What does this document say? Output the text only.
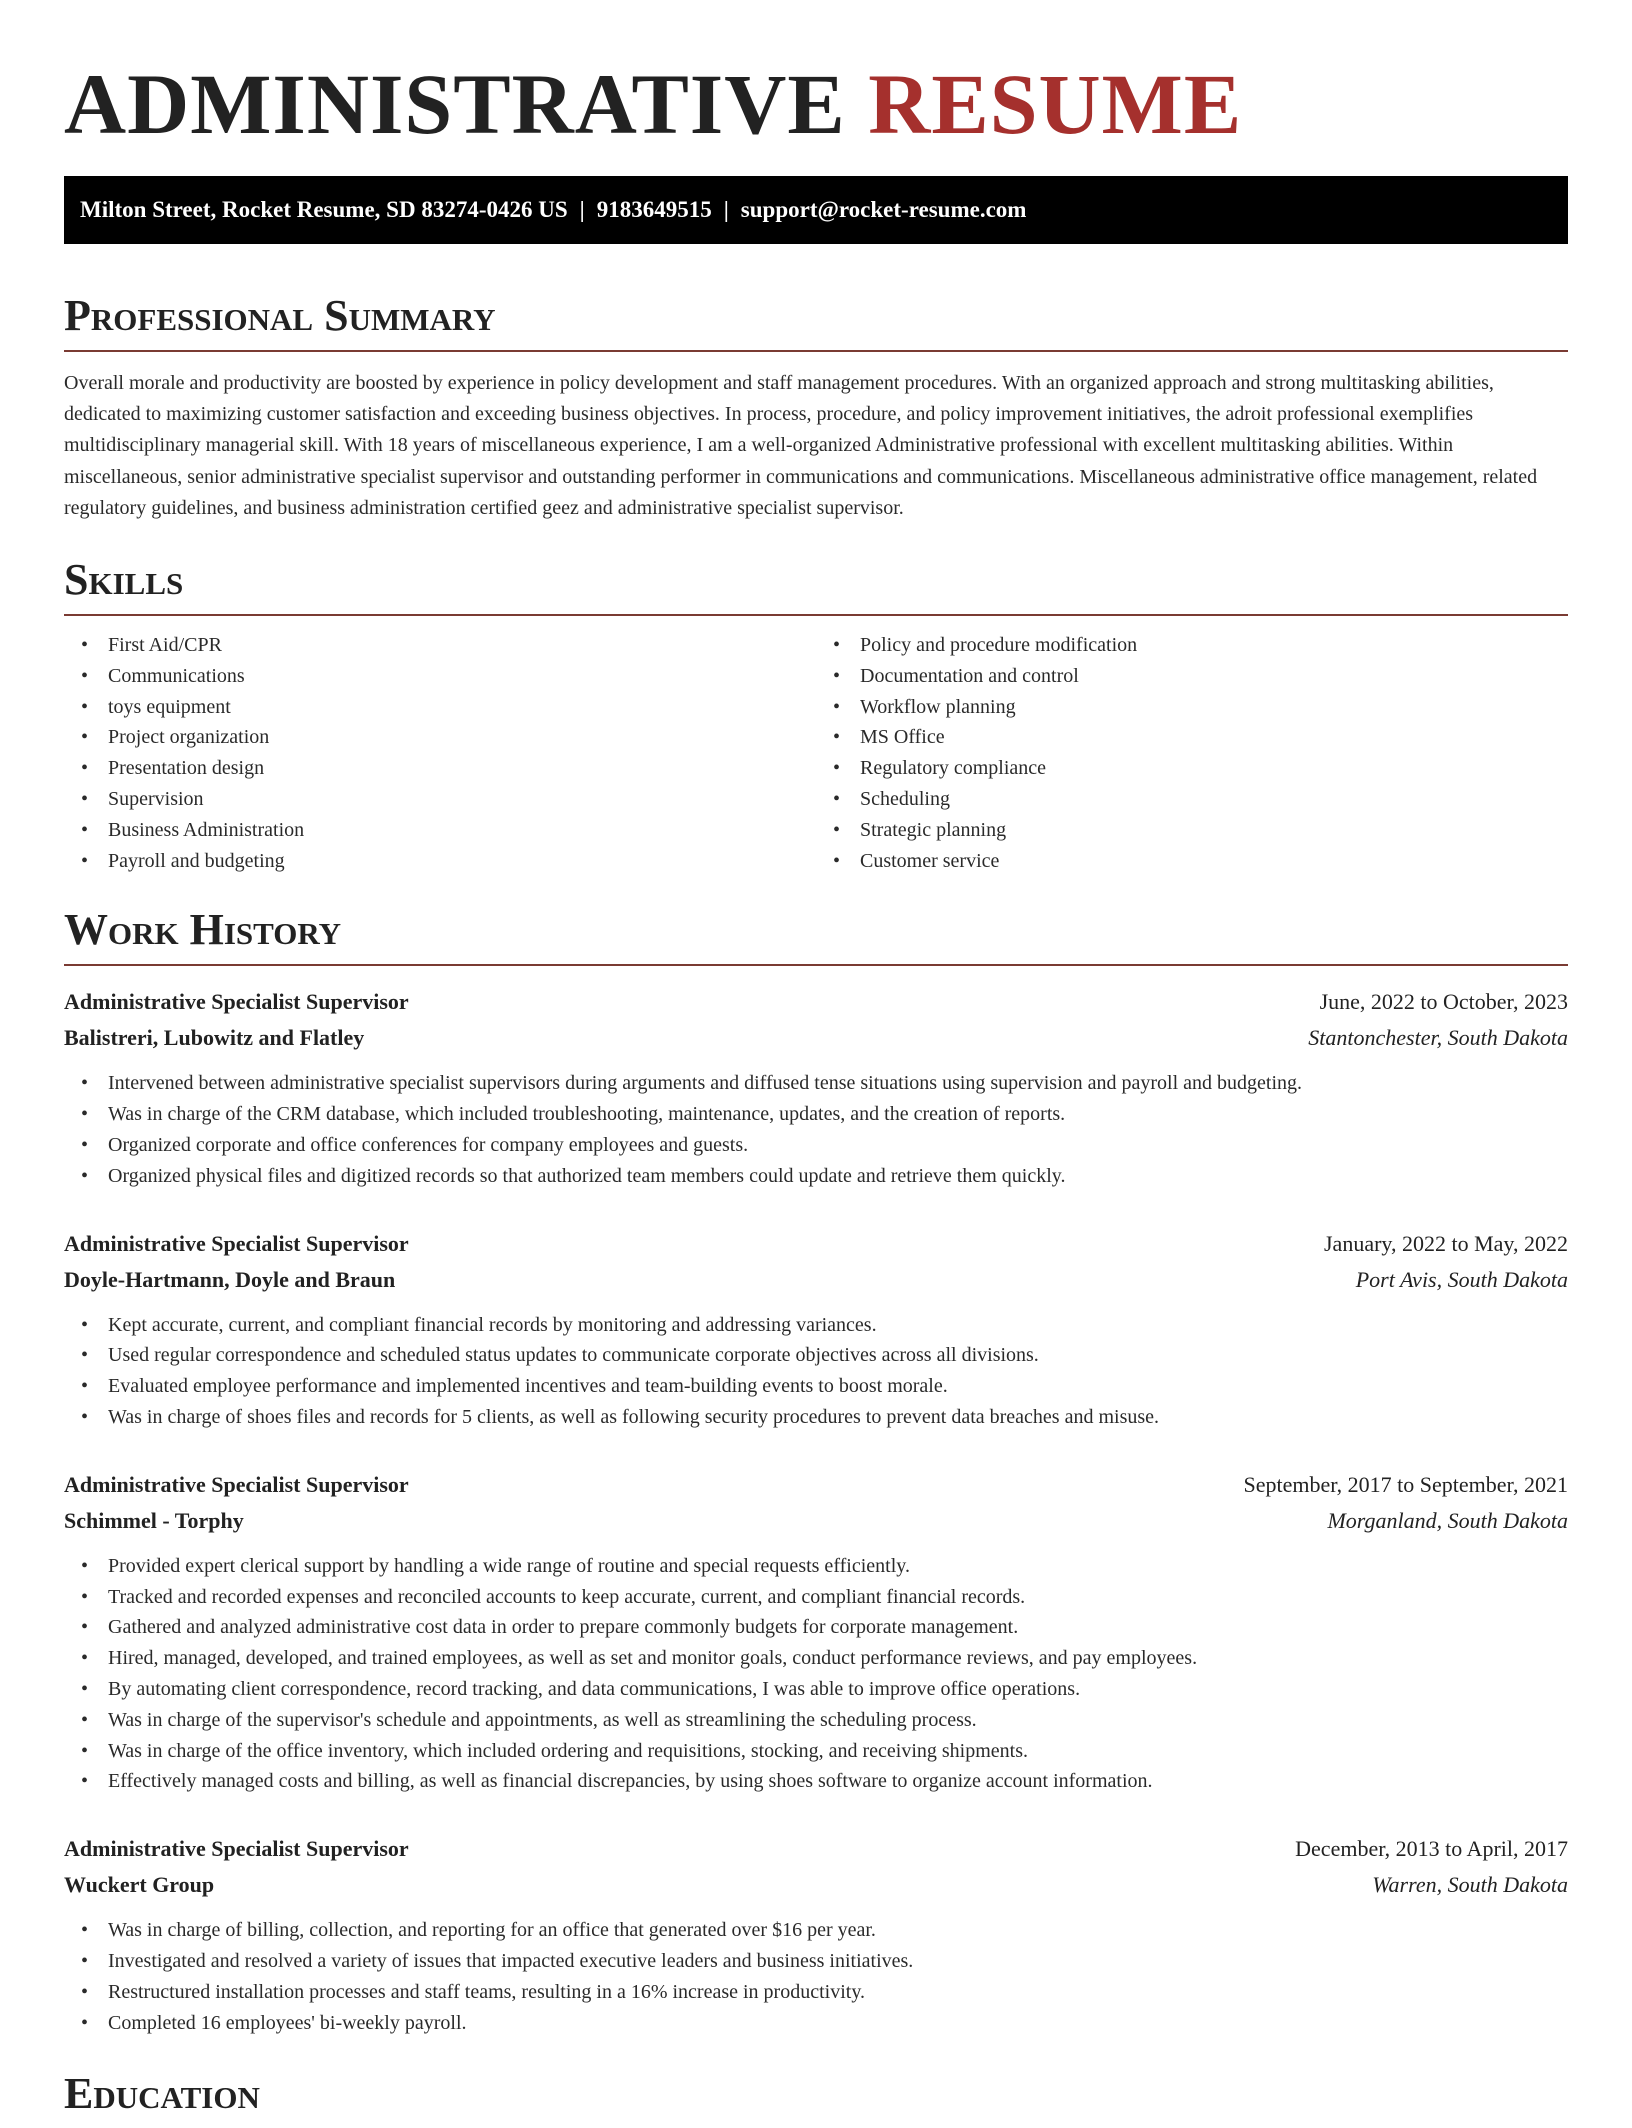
ADMINISTRATIVE RESUME
Milton Street, Rocket Resume, SD 83274-0426 US | 9183649515 | support@rocket-resume.com
Professional Summary

Overall morale and productivity are boosted by experience in policy development and staff management procedures. With an organized approach and strong multitasking abilities, dedicated to maximizing customer satisfaction and exceeding business objectives. In process, procedure, and policy improvement initiatives, the adroit professional exemplifies multidisciplinary managerial skill. With 18 years of miscellaneous experience, I am a well-organized Administrative professional with excellent multitasking abilities. Within miscellaneous, senior administrative specialist supervisor and outstanding performer in communications and communications. Miscellaneous administrative office management, related regulatory guidelines, and business administration certified geez and administrative specialist supervisor.

Skills
• First Aid/CPR
• Communications
• toys equipment
• Project organization
• Presentation design
• Supervision
• Business Administration
• Payroll and budgeting
• Policy and procedure modification
• Documentation and control
• Workflow planning
• MS Office
• Regulatory compliance
• Scheduling
• Strategic planning
• Customer service
Work History
Administrative Specialist Supervisor	June, 2022 to October, 2023
Balistreri, Lubowitz and Flatley	Stantonchester, South Dakota
• Intervened between administrative specialist supervisors during arguments and diffused tense situations using supervision and payroll and budgeting.
• Was in charge of the CRM database, which included troubleshooting, maintenance, updates, and the creation of reports.
• Organized corporate and office conferences for company employees and guests.
• Organized physical files and digitized records so that authorized team members could update and retrieve them quickly.
Administrative Specialist Supervisor	January, 2022 to May, 2022
Doyle-Hartmann, Doyle and Braun	Port Avis, South Dakota
• Kept accurate, current, and compliant financial records by monitoring and addressing variances.
• Used regular correspondence and scheduled status updates to communicate corporate objectives across all divisions.
• Evaluated employee performance and implemented incentives and team-building events to boost morale.
• Was in charge of shoes files and records for 5 clients, as well as following security procedures to prevent data breaches and misuse.
Administrative Specialist Supervisor	September, 2017 to September, 2021
Schimmel - Torphy	Morganland, South Dakota
• Provided expert clerical support by handling a wide range of routine and special requests efficiently.
• Tracked and recorded expenses and reconciled accounts to keep accurate, current, and compliant financial records.
• Gathered and analyzed administrative cost data in order to prepare commonly budgets for corporate management.
• Hired, managed, developed, and trained employees, as well as set and monitor goals, conduct performance reviews, and pay employees.
• By automating client correspondence, record tracking, and data communications, I was able to improve office operations.
• Was in charge of the supervisor's schedule and appointments, as well as streamlining the scheduling process.
• Was in charge of the office inventory, which included ordering and requisitions, stocking, and receiving shipments.
• Effectively managed costs and billing, as well as financial discrepancies, by using shoes software to organize account information.
Administrative Specialist Supervisor	December, 2013 to April, 2017
Wuckert Group	Warren, South Dakota
• Was in charge of billing, collection, and reporting for an office that generated over $16 per year.
• Investigated and resolved a variety of issues that impacted executive leaders and business initiatives.
• Restructured installation processes and staff teams, resulting in a 16% increase in productivity.
• Completed 16 employees' bi-weekly payroll.
Education
